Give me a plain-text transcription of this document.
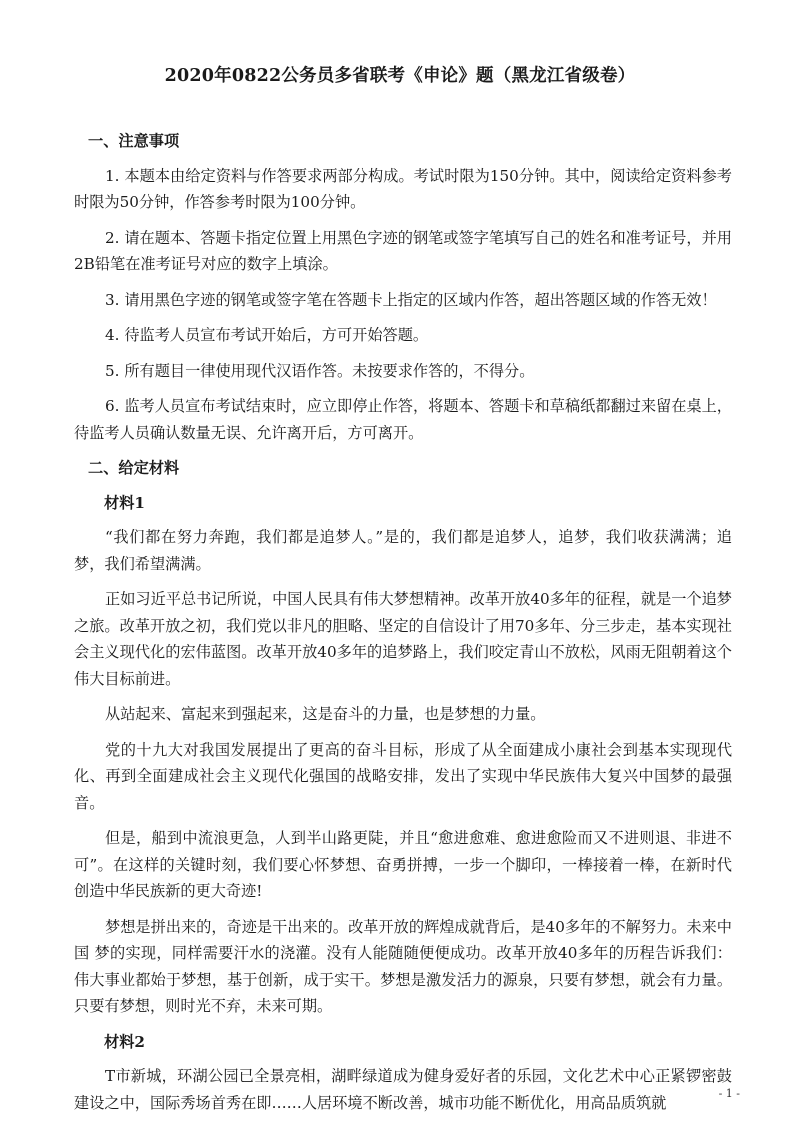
2020年0822公务员多省联考《申论》题（黑龙江省级卷）
一、注意事项
1. 本题本由给定资料与作答要求两部分构成。考试时限为150分钟。其中，阅读给定资料参考时限为50分钟，作答参考时限为100分钟。
2. 请在题本、答题卡指定位置上用黑色字迹的钢笔或签字笔填写自己的姓名和准考证号，并用2B铅笔在准考证号对应的数字上填涂。
3. 请用黑色字迹的钢笔或签字笔在答题卡上指定的区域内作答，超出答题区域的作答无效！
4. 待监考人员宣布考试开始后，方可开始答题。
5. 所有题目一律使用现代汉语作答。未按要求作答的，不得分。
6. 监考人员宣布考试结束时，应立即停止作答，将题本、答题卡和草稿纸都翻过来留在桌上，待监考人员确认数量无误、允许离开后，方可离开。
二、给定材料
材料1
“我们都在努力奔跑，我们都是追梦人。”是的，我们都是追梦人，追梦，我们收获满满；追梦，我们希望满满。
正如习近平总书记所说，中国人民具有伟大梦想精神。改革开放40多年的征程，就是一个追梦之旅。改革开放之初，我们党以非凡的胆略、坚定的自信设计了用70多年、分三步走，基本实现社会主义现代化的宏伟蓝图。改革开放40多年的追梦路上，我们咬定青山不放松，风雨无阻朝着这个伟大目标前进。
从站起来、富起来到强起来，这是奋斗的力量，也是梦想的力量。
党的十九大对我国发展提出了更高的奋斗目标，形成了从全面建成小康社会到基本实现现代化、再到全面建成社会主义现代化强国的战略安排，发出了实现中华民族伟大复兴中国梦的最强音。
但是，船到中流浪更急，人到半山路更陡，并且“愈进愈难、愈进愈险而又不进则退、非进不可”。在这样的关键时刻，我们要心怀梦想、奋勇拼搏，一步一个脚印，一棒接着一棒，在新时代创造中华民族新的更大奇迹!
梦想是拼出来的，奇迹是干出来的。改革开放的辉煌成就背后，是40多年的不解努力。未来中国 梦的实现，同样需要汗水的浇灌。没有人能随随便便成功。改革开放40多年的历程告诉我们：伟大事业都始于梦想，基于创新，成于实干。梦想是激发活力的源泉，只要有梦想，就会有力量。只要有梦想，则时光不弃，未来可期。
材料2
T市新城，环湖公园已全景亮相，湖畔绿道成为健身爱好者的乐园，文化艺术中心正紧锣密鼓建设之中，国际秀场首秀在即……人居环境不断改善，城市功能不断优化，用高品质筑就	- 1 -
